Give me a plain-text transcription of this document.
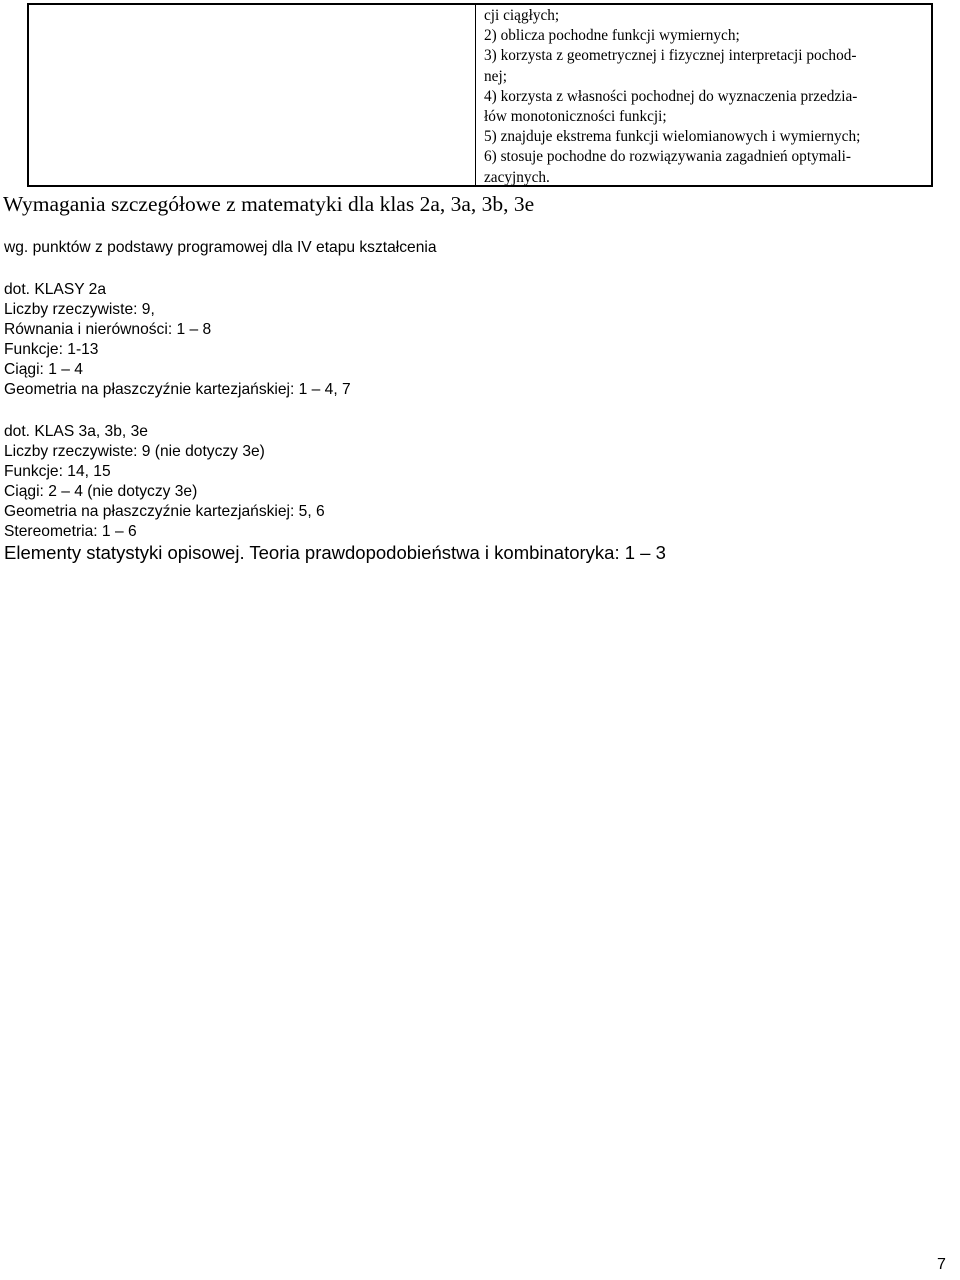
cji ciągłych;
2) oblicza pochodne funkcji wymiernych;
3) korzysta z geometrycznej i fizycznej interpretacji pochod-
nej;
4) korzysta z własności pochodnej do wyznaczenia przedzia-
łów monotoniczności funkcji;
5) znajduje ekstrema funkcji wielomianowych i wymiernych;
6) stosuje pochodne do rozwiązywania zagadnień optymali-
zacyjnych.
Wymagania szczegółowe z matematyki dla klas 2a, 3a, 3b, 3e
wg. punktów z podstawy programowej dla IV etapu kształcenia
dot. KLASY 2a
Liczby rzeczywiste: 9,
Równania i nierówności: 1 – 8
Funkcje: 1-13
Ciągi: 1 – 4
Geometria na płaszczyźnie kartezjańskiej: 1 – 4, 7
dot. KLAS 3a, 3b, 3e
Liczby rzeczywiste: 9 (nie dotyczy 3e)
Funkcje: 14, 15
Ciągi: 2 – 4 (nie dotyczy 3e)
Geometria na płaszczyźnie kartezjańskiej: 5, 6
Stereometria: 1 – 6
Elementy statystyki opisowej. Teoria prawdopodobieństwa i kombinatoryka: 1 – 3
7
